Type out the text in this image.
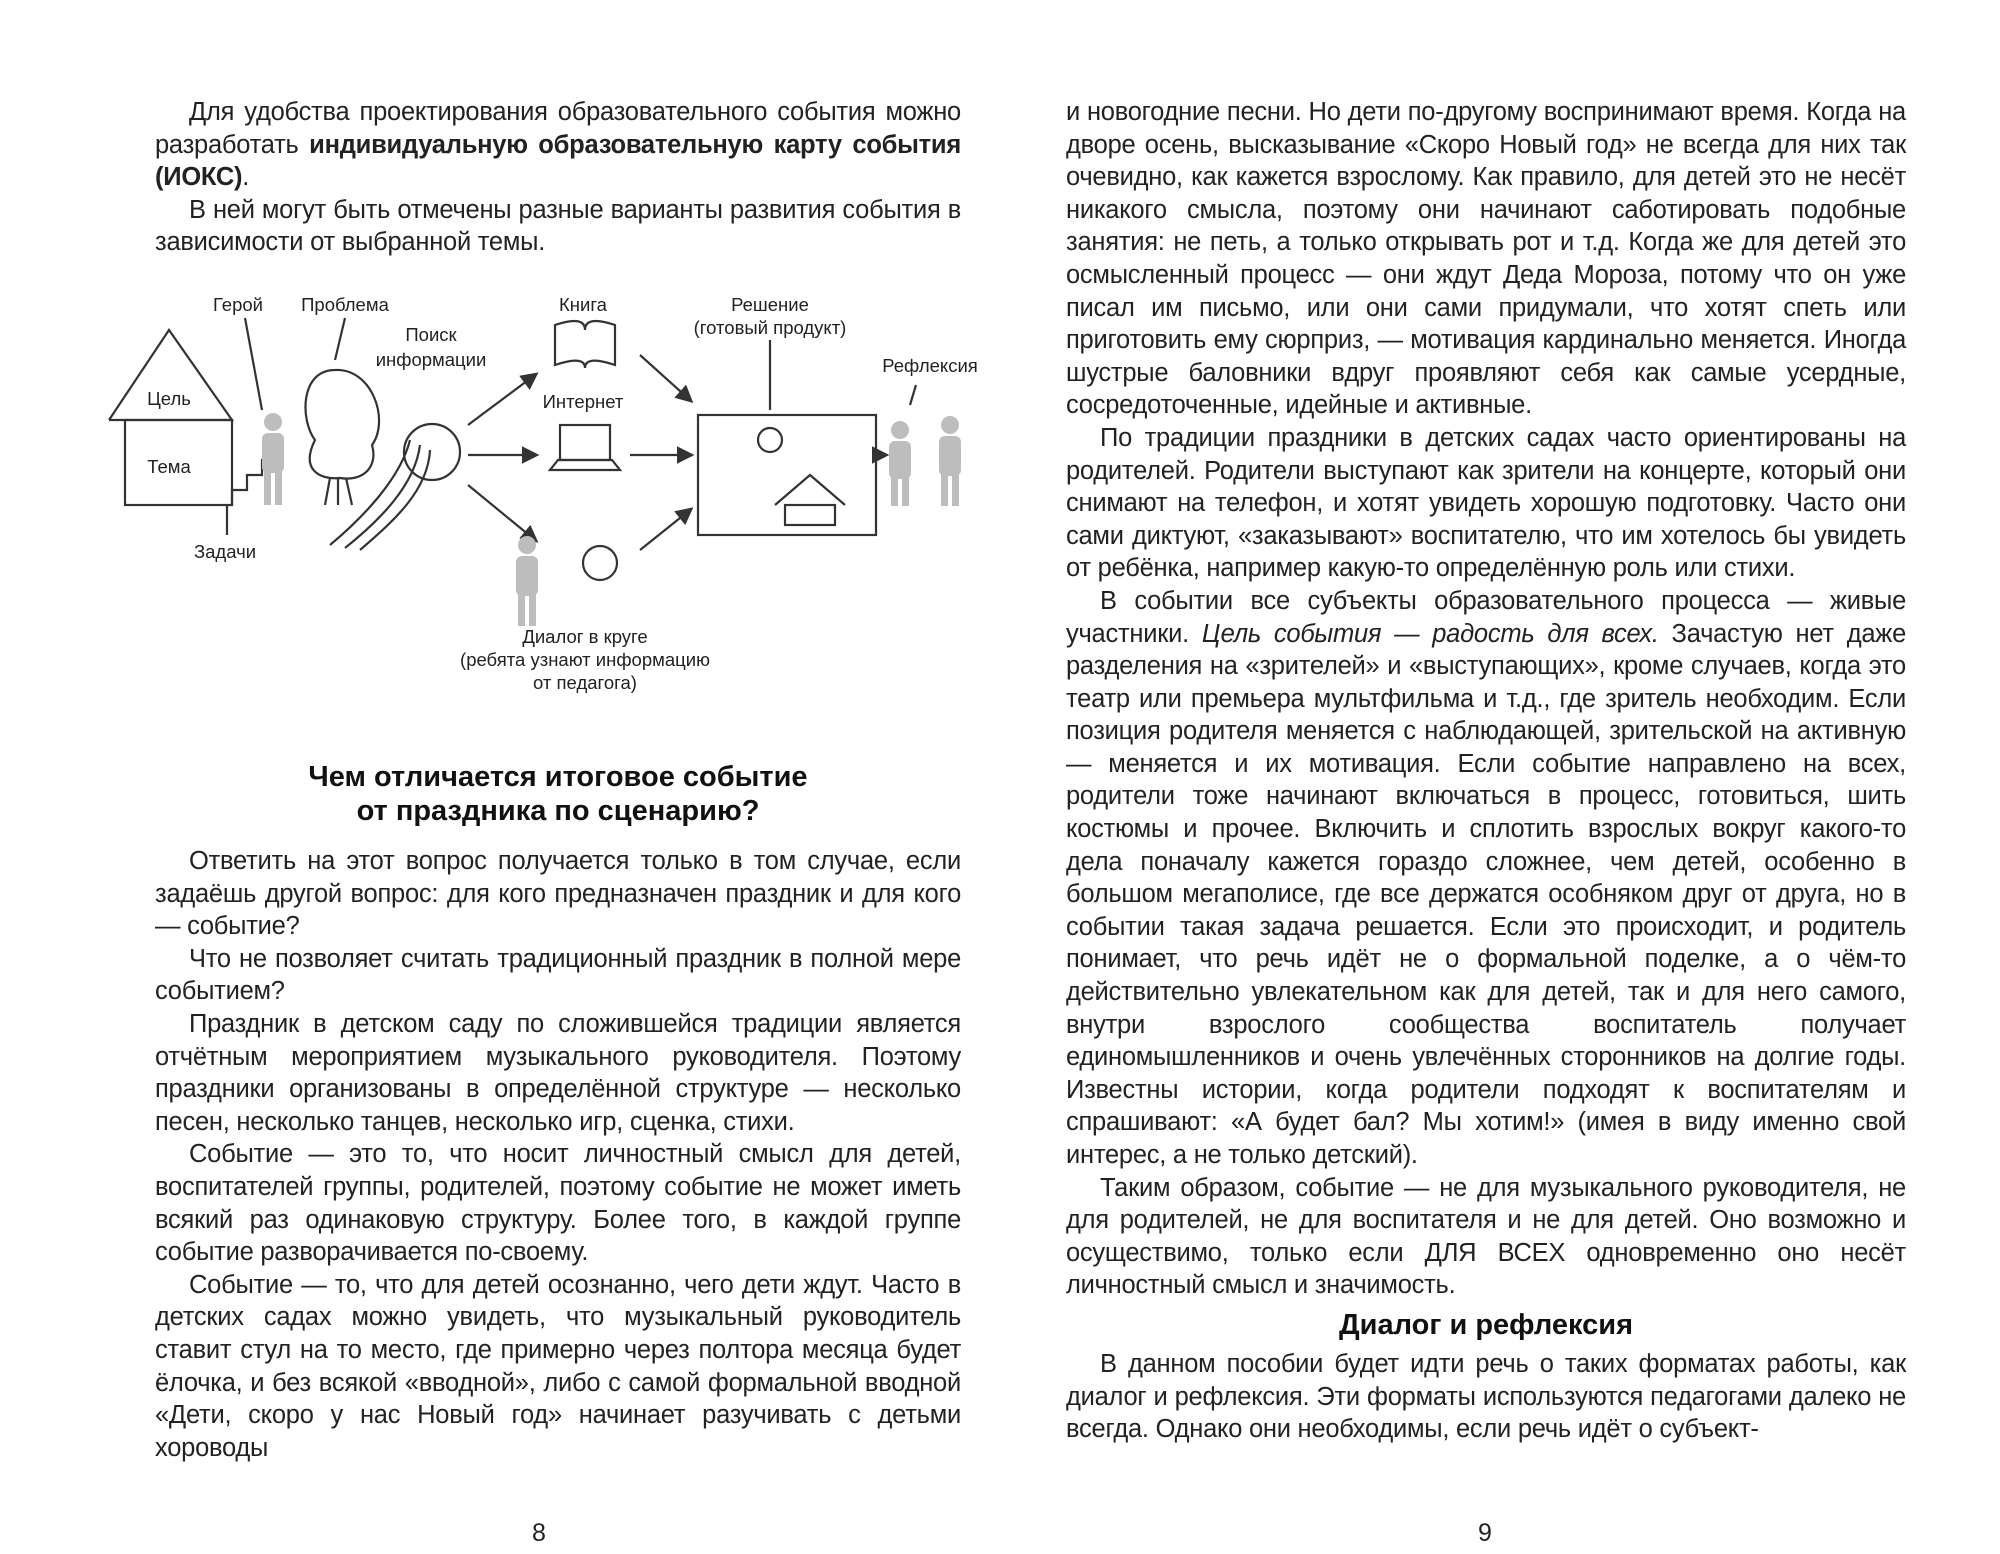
Для удобства проектирования образовательного события можно разработать индивидуальную образовательную карту события (ИОКС).

В ней могут быть отмечены разные варианты развития события в зависимости от выбранной темы.

Цель
Тема
Задачи
Герой Проблема
Поиск
информации
Книга
Интернет
Решение
(готовый продукт)
Рефлексия
Диалог в круге
(ребята узнают информацию
от педагога)
Чем отличается итоговое событие
от праздника по сценарию?

Ответить на этот вопрос получается только в том случае, если задаёшь другой вопрос: для кого предназначен праздник и для кого — событие?

Что не позволяет считать традиционный праздник в полной мере событием?

Праздник в детском саду по сложившейся традиции является отчётным мероприятием музыкального руководителя. Поэтому праздники организованы в определённой структуре — несколько песен, несколько танцев, несколько игр, сценка, стихи.

Событие — это то, что носит личностный смысл для детей, воспитателей группы, родителей, поэтому событие не может иметь всякий раз одинаковую структуру. Более того, в каждой группе событие разворачивается по-своему.

Событие — то, что для детей осознанно, чего дети ждут. Часто в детских садах можно увидеть, что музыкальный руководитель ставит стул на то место, где примерно через полтора месяца будет ёлочка, и без всякой «вводной», либо с самой формальной вводной «Дети, скоро у нас Новый год» начинает разучивать с детьми хороводы

8

и новогодние песни. Но дети по-другому воспринимают время. Когда на дворе осень, высказывание «Скоро Новый год» не всегда для них так очевидно, как кажется взрослому. Как правило, для детей это не несёт никакого смысла, поэтому они начинают саботировать подобные занятия: не петь, а только открывать рот и т.д. Когда же для детей это осмысленный процесс — они ждут Деда Мороза, потому что он уже писал им письмо, или они сами придумали, что хотят спеть или приготовить ему сюрприз, — мотивация кардинально меняется. Иногда шустрые баловники вдруг проявляют себя как самые усердные, сосредоточенные, идейные и активные.

По традиции праздники в детских садах часто ориентированы на родителей. Родители выступают как зрители на концерте, который они снимают на телефон, и хотят увидеть хорошую подготовку. Часто они сами диктуют, «заказывают» воспитателю, что им хотелось бы увидеть от ребёнка, например какую-то определённую роль или стихи.

В событии все субъекты образовательного процесса — живые участники. Цель события — радость для всех. Зачастую нет даже разделения на «зрителей» и «выступающих», кроме случаев, когда это театр или премьера мультфильма и т.д., где зритель необходим. Если позиция родителя меняется с наблюдающей, зрительской на активную — меняется и их мотивация. Если событие направлено на всех, родители тоже начинают включаться в процесс, готовиться, шить костюмы и прочее. Включить и сплотить взрослых вокруг какого-то дела поначалу кажется гораздо сложнее, чем детей, особенно в большом мегаполисе, где все держатся особняком друг от друга, но в событии такая задача решается. Если это происходит, и родитель понимает, что речь идёт не о формальной поделке, а о чём-то действительно увлекательном как для детей, так и для него самого, внутри взрослого сообщества воспитатель получает единомышленников и очень увлечённых сторонников на долгие годы. Известны истории, когда родители подходят к воспитателям и спрашивают: «А будет бал? Мы хотим!» (имея в виду именно свой интерес, а не только детский).

Таким образом, событие — не для музыкального руководителя, не для родителей, не для воспитателя и не для детей. Оно возможно и осуществимо, только если ДЛЯ ВСЕХ одновременно оно несёт личностный смысл и значимость.

Диалог и рефлексия

В данном пособии будет идти речь о таких форматах работы, как диалог и рефлексия. Эти форматы используются педагогами далеко не всегда. Однако они необходимы, если речь идёт о субъект-

9
